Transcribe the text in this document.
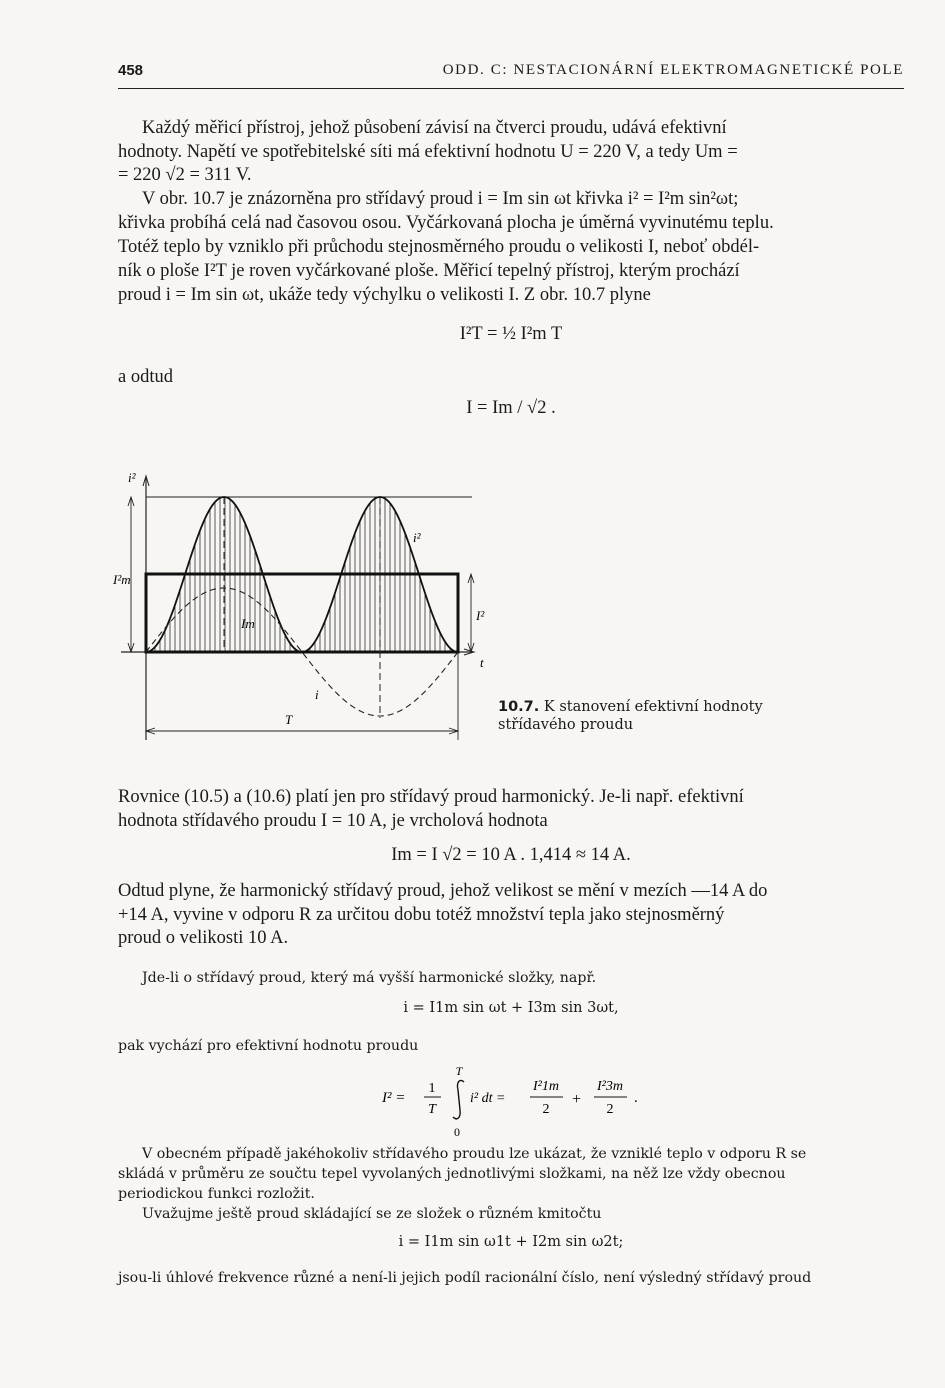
458	ODD. C: NESTACIONÁRNÍ ELEKTROMAGNETICKÉ POLE
Každý měřicí přístroj, jehož působení závisí na čtverci proudu, udává efektivní
hodnoty. Napětí ve spotřebitelské síti má efektivní hodnotu U = 220 V, a tedy Um =
= 220 √2 = 311 V.
V obr. 10.7 je znázorněna pro střídavý proud i = Im sin ωt křivka i² = I²m sin²ωt;
křivka probíhá celá nad časovou osou. Vyčárkovaná plocha je úměrná vyvinutému teplu.
Totéž teplo by vzniklo při průchodu stejnosměrného proudu o velikosti I, neboť obdél-
ník o ploše I²T je roven vyčárkované ploše. Měřicí tepelný přístroj, kterým prochází
proud i = Im sin ωt, ukáže tedy výchylku o velikosti I. Z obr. 10.7 plyne
I²T = ½ I²m T
a odtud
I = Im / √2 .
i²
I²m
i²
Im
I²
t
i
T
10.7. K stanovení efektivní hodnoty
střídavého proudu
Rovnice (10.5) a (10.6) platí jen pro střídavý proud harmonický. Je-li např. efektivní
hodnota střídavého proudu I = 10 A, je vrcholová hodnota
Im = I √2 = 10 A . 1,414 ≈ 14 A.
Odtud plyne, že harmonický střídavý proud, jehož velikost se mění v mezích —14 A do
+14 A, vyvine v odporu R za určitou dobu totéž množství tepla jako stejnosměrný
proud o velikosti 10 A.
Jde-li o střídavý proud, který má vyšší harmonické složky, např.
i = I1m sin ωt + I3m sin 3ωt,
pak vychází pro efektivní hodnotu proudu
I² =
1
T
T
0
i² dt =
I²1m
2
+
I²3m
2
.
V obecném případě jakéhokoliv střídavého proudu lze ukázat, že vzniklé teplo v odporu R se
skládá v průměru ze součtu tepel vyvolaných jednotlivými složkami, na něž lze vždy obecnou
periodickou funkci rozložit.
Uvažujme ještě proud skládající se ze složek o různém kmitočtu
i = I1m sin ω1t + I2m sin ω2t;
jsou-li úhlové frekvence různé a není-li jejich podíl racionální číslo, není výsledný střídavý proud
